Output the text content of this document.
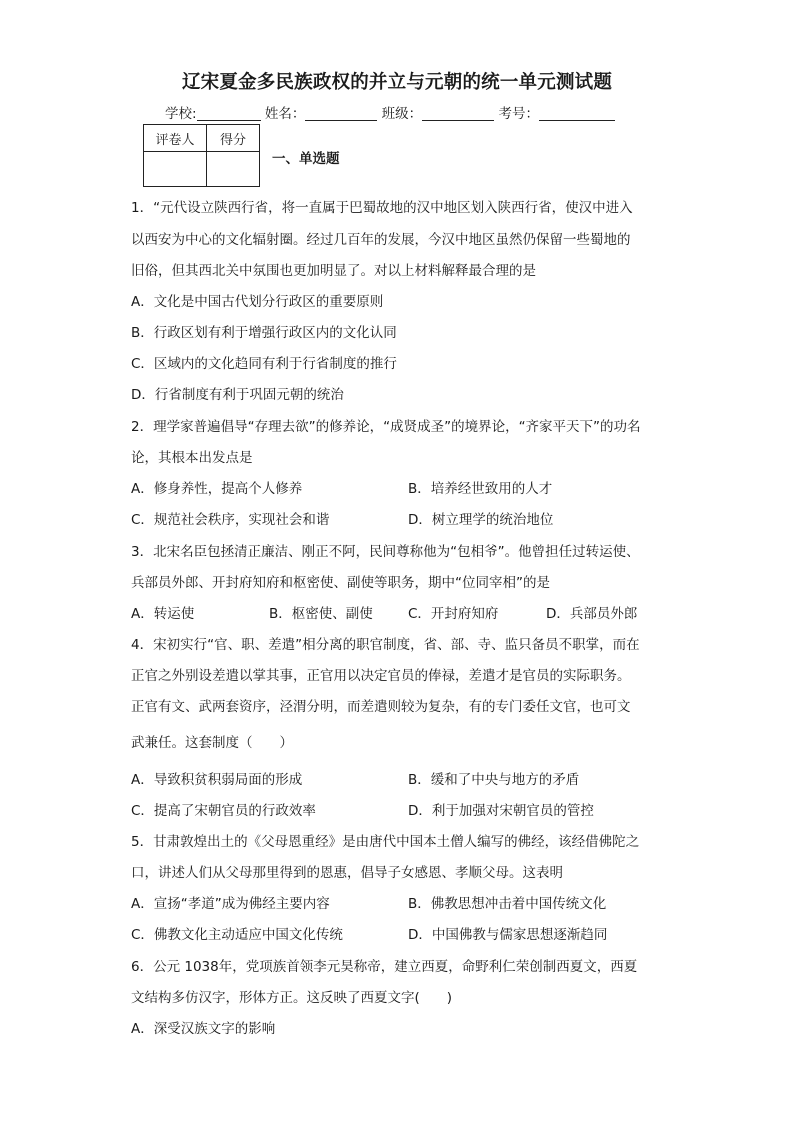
辽宋夏金多民族政权的并立与元朝的统一单元测试题
学校:	姓名：	班级：	考号：
评卷人	得分

一、单选题
1．“元代设立陕西行省，将一直属于巴蜀故地的汉中地区划入陕西行省，使汉中进入
以西安为中心的文化辐射圈。经过几百年的发展，今汉中地区虽然仍保留一些蜀地的
旧俗，但其西北关中氛围也更加明显了。对以上材料解释最合理的是
A．文化是中国古代划分行政区的重要原则
B．行政区划有利于增强行政区内的文化认同
C．区域内的文化趋同有利于行省制度的推行
D．行省制度有利于巩固元朝的统治
2．理学家普遍倡导“存理去欲”的修养论，“成贤成圣”的境界论，“齐家平天下”的功名
论，其根本出发点是
A．修身养性，提高个人修养	B．培养经世致用的人才
C．规范社会秩序，实现社会和谐	D．树立理学的统治地位
3．北宋名臣包拯清正廉洁、刚正不阿，民间尊称他为“包相爷”。他曾担任过转运使、
兵部员外郎、开封府知府和枢密使、副使等职务，期中“位同宰相”的是
A．转运使	B．枢密使、副使	C．开封府知府	D．兵部员外郎
4．宋初实行“官、职、差遣”相分离的职官制度，省、部、寺、监只备员不职掌，而在
正官之外别设差遣以掌其事，正官用以决定官员的俸禄，差遣才是官员的实际职务。
正官有文、武两套资序，泾渭分明，而差遣则较为复杂，有的专门委任文官，也可文
武兼任。这套制度（　　）
A．导致积贫积弱局面的形成	B．缓和了中央与地方的矛盾
C．提高了宋朝官员的行政效率	D．利于加强对宋朝官员的管控
5．甘肃敦煌出土的《父母恩重经》是由唐代中国本土僧人编写的佛经，该经借佛陀之
口，讲述人们从父母那里得到的恩惠，倡导子女感恩、孝顺父母。这表明
A．宣扬“孝道”成为佛经主要内容	B．佛教思想冲击着中国传统文化
C．佛教文化主动适应中国文化传统	D．中国佛教与儒家思想逐渐趋同
6．公元 1038年，党项族首领李元昊称帝，建立西夏，命野利仁荣创制西夏文，西夏
文结构多仿汉字，形体方正。这反映了西夏文字(　　)
A．深受汉族文字的影响
